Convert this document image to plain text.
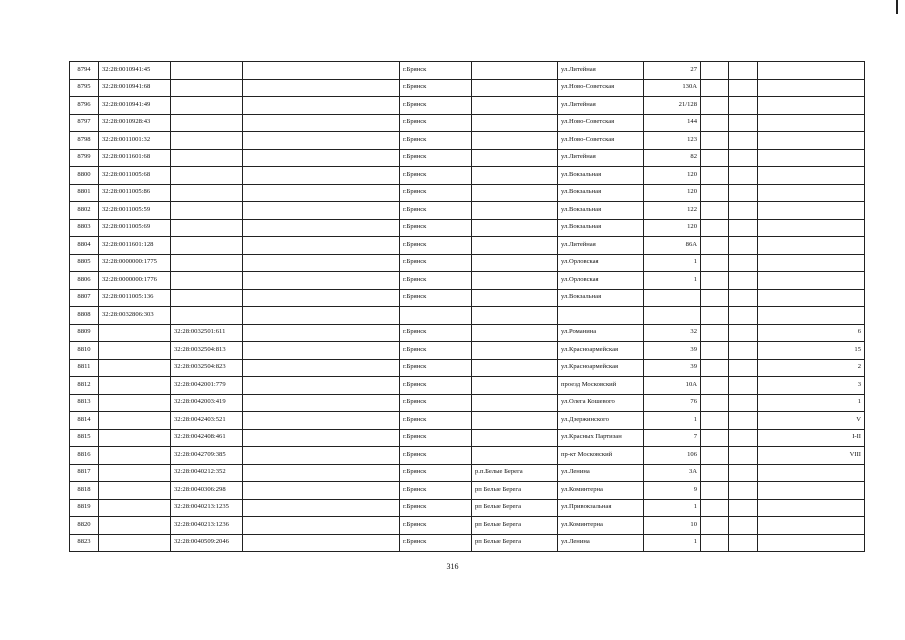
8794	32:28:0010941:45			г.Брянск		ул.Литейная	27			
8795	32:28:0010941:68			г.Брянск		ул.Ново-Советская	130А			
8796	32:28:0010941:49			г.Брянск		ул.Литейная	21/128			
8797	32:28:0010928:43			г.Брянск		ул.Ново-Советская	144			
8798	32:28:0011001:32			г.Брянск		ул.Ново-Советская	123			
8799	32:28:0011601:68			г.Брянск		ул.Литейная	82			
8800	32:28:0011005:68			г.Брянск		ул.Вокзальная	120			
8801	32:28:0011005:86			г.Брянск		ул.Вокзальная	120			
8802	32:28:0011005:59			г.Брянск		ул.Вокзальная	122			
8803	32:28:0011005:69			г.Брянск		ул.Вокзальная	120			
8804	32:28:0011601:128			г.Брянск		ул.Литейная	86А			
8805	32:28:0000000:1775			г.Брянск		ул.Орловская	1			
8806	32:28:0000000:1776			г.Брянск		ул.Орловская	1			
8807	32:28:0011005:136			г.Брянск		ул.Вокзальная				
8808	32:28:0032806:303									
8809		32:28:0032501:611		г.Брянск		ул.Романина	32			6
8810		32:28:0032504:813		г.Брянск		ул.Красноармейская	39			15
8811		32:28:0032504:823		г.Брянск		ул.Красноармейская	39			2
8812		32:28:0042001:779		г.Брянск		проезд Московский	10А			3
8813		32:28:0042003:419		г.Брянск		ул.Олега Кошевого	76			1
8814		32:28:0042403:521		г.Брянск		ул.Дзержинского	1			V
8815		32:28:0042408:461		г.Брянск		ул.Красных Партизан	7			I-II
8816		32:28:0042709:385		г.Брянск		пр-кт Московский	106			VIII
8817		32:28:0040212:352		г.Брянск	р.п.Белые Берега	ул.Ленина	3А			
8818		32:28:0040306:298		г.Брянск	рп Белые Берега	ул.Коминтерна	9			
8819		32:28:0040213:1235		г.Брянск	рп Белые Берега	ул.Привокзальная	1			
8820		32:28:0040213:1236		г.Брянск	рп Белые Берега	ул.Коминтерна	10			
8823		32:28:0040509:2046		г.Брянск	рп Белые Берега	ул.Ленина	1			
316
